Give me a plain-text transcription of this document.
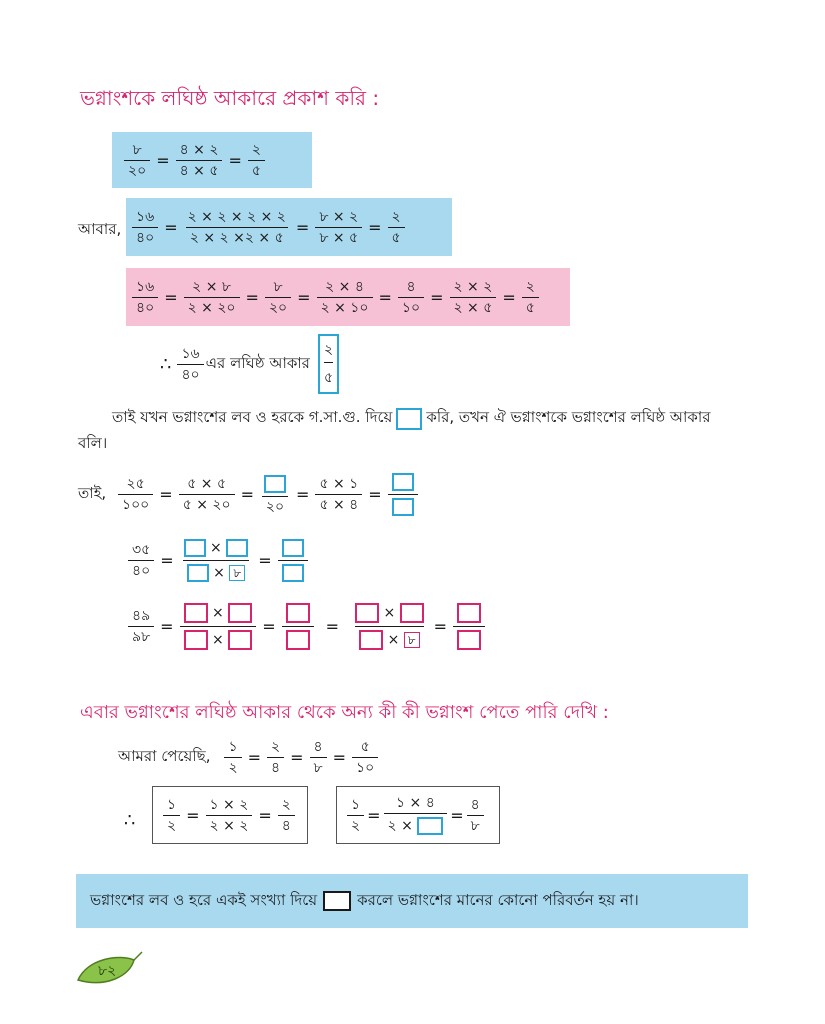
ভগ্নাংশকে লঘিষ্ঠ আকারে প্রকাশ করি :
$\frac{৮}{২০} = \frac{৪ \times ২}{৪ \times ৫} = \frac{২}{৫}$
আবার, $\frac{১৬}{৪০} = \frac{২ \times ২ \times ২ \times ২}{২ \times ২ \times ২ \times ৫} = \frac{৮ \times ২}{৮ \times ৫} = \frac{২}{৫}$
$\frac{১৬}{৪০} = \frac{২ \times ৮}{২ \times ২০} = \frac{৮}{২০} = \frac{২ \times ৪}{২ \times ১০} = \frac{৪}{১০} = \frac{২ \times ২}{২ \times ৫} = \frac{২}{৫}$
∴ $\frac{১৬}{৪০}$ এর লঘিষ্ঠ আকার
২
৫
তাই যখন ভগ্নাংশের লব ও হরকে গ.সা.গু. দিয়ে করি, তখন ঐ ভগ্নাংশকে ভগ্নাংশের লঘিষ্ঠ আকার
বলি।
তাই, $\frac{২৫}{১০০} = \frac{৫ \times ৫}{৫ \times ২০}$ =
২০
= $\frac{৫ \times ১}{৫ \times ৪}$ =
$\frac{৩৫}{৪০} = \frac{\times}{\times ৮}$ =
$\frac{৪৯}{৯৮} = \frac{\times}{\times}$ =	= $\frac{\times}{\times ৮}$ =
এবার ভগ্নাংশের লঘিষ্ঠ আকার থেকে অন্য কী কী ভগ্নাংশ পেতে পারি দেখি :
আমরা পেয়েছি, $\frac{১}{২} = \frac{২}{৪} = \frac{৪}{৮} = \frac{৫}{১০}$
∴ $\frac{১}{২} = \frac{১ \times ২}{২ \times ২} = \frac{২}{৪}$	$\frac{১}{২} = \frac{১ \times ৪}{২ \times} = \frac{৪}{৮}$
ভগ্নাংশের লব ও হরে একই সংখ্যা দিয়ে	করলে ভগ্নাংশের মানের কোনো পরিবর্তন হয় না।
৮২
